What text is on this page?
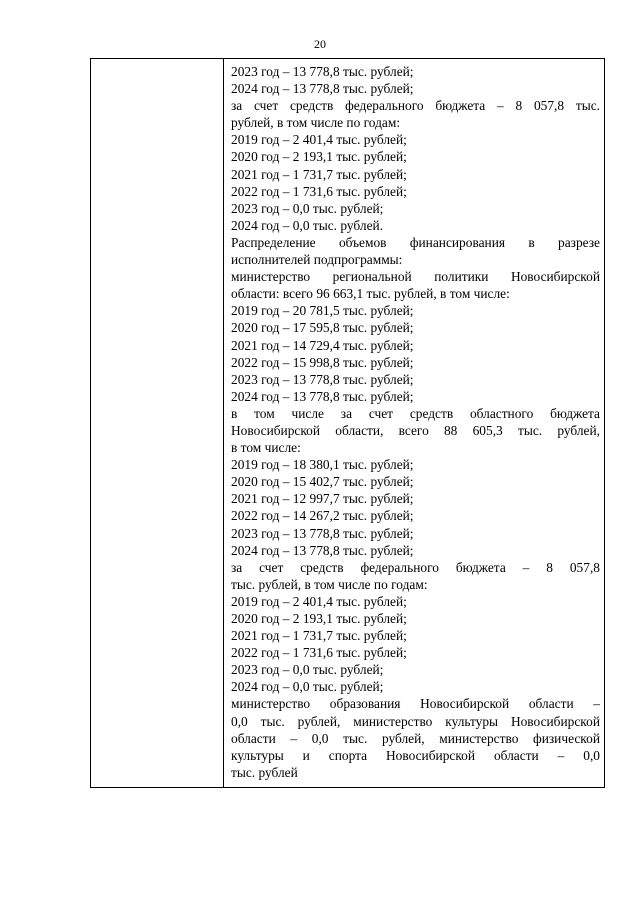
20

2023 год – 13 778,8 тыс. рублей;

2024 год – 13 778,8 тыс. рублей;

за счет средств федерального бюджета – 8 057,8 тыс.

рублей, в том числе по годам:

2019 год – 2 401,4 тыс. рублей;

2020 год – 2 193,1 тыс. рублей;

2021 год – 1 731,7 тыс. рублей;

2022 год – 1 731,6 тыс. рублей;

2023 год – 0,0 тыс. рублей;

2024 год – 0,0 тыс. рублей.

Распределение объемов финансирования в разрезе

исполнителей подпрограммы:

министерство региональной политики Новосибирской

области: всего 96 663,1 тыс. рублей, в том числе:

2019 год – 20 781,5 тыс. рублей;

2020 год – 17 595,8 тыс. рублей;

2021 год – 14 729,4 тыс. рублей;

2022 год – 15 998,8 тыс. рублей;

2023 год – 13 778,8 тыс. рублей;

2024 год – 13 778,8 тыс. рублей;

в том числе за счет средств областного бюджета

Новосибирской области, всего 88 605,3 тыс. рублей,

в том числе:

2019 год – 18 380,1 тыс. рублей;

2020 год – 15 402,7 тыс. рублей;

2021 год – 12 997,7 тыс. рублей;

2022 год – 14 267,2 тыс. рублей;

2023 год – 13 778,8 тыс. рублей;

2024 год – 13 778,8 тыс. рублей;

за счет средств федерального бюджета – 8 057,8

тыс. рублей, в том числе по годам:

2019 год – 2 401,4 тыс. рублей;

2020 год – 2 193,1 тыс. рублей;

2021 год – 1 731,7 тыс. рублей;

2022 год – 1 731,6 тыс. рублей;

2023 год – 0,0 тыс. рублей;

2024 год – 0,0 тыс. рублей;

министерство образования Новосибирской области –

0,0 тыс. рублей, министерство культуры Новосибирской

области – 0,0 тыс. рублей, министерство физической

культуры и спорта Новосибирской области – 0,0

тыс. рублей
